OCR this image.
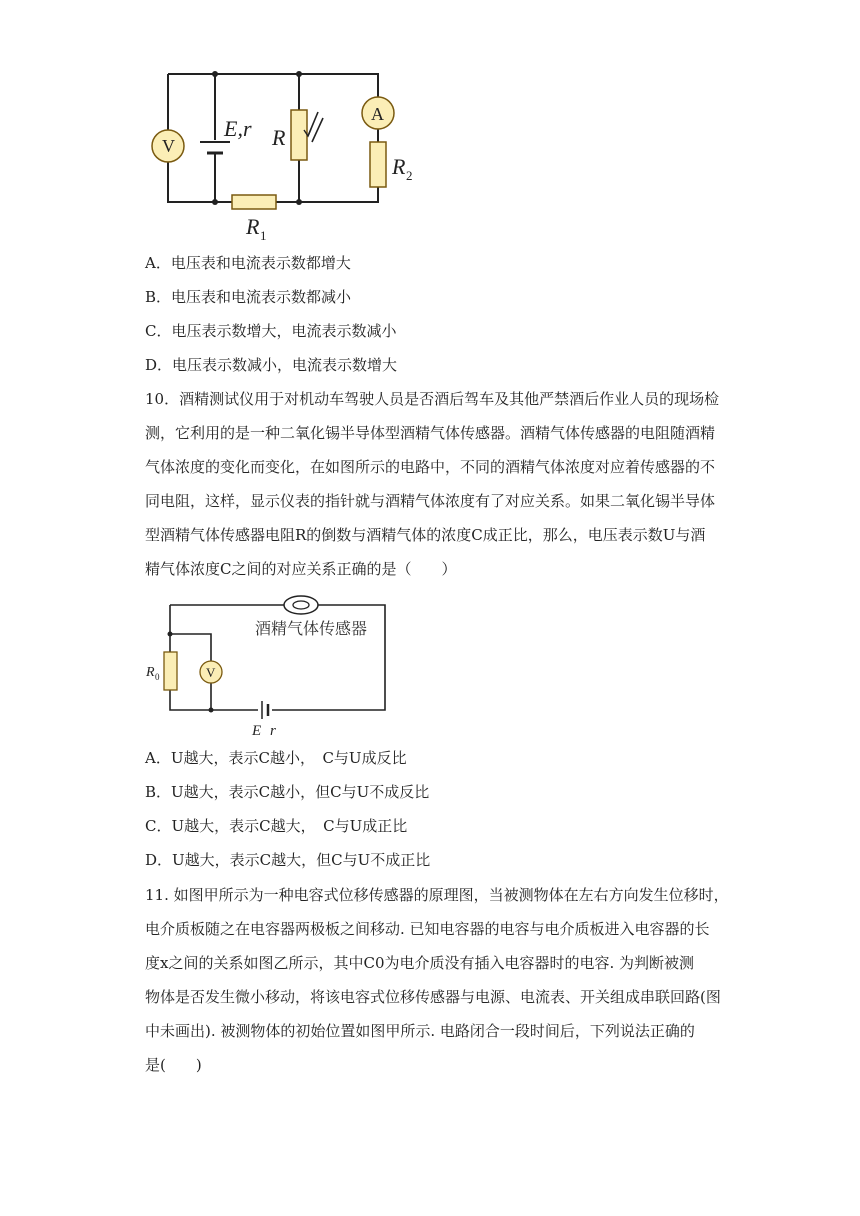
V
A
E,r R
R 2
R 1
A．电压表和电流表示数都增大
B．电压表和电流表示数都减小
C．电压表示数增大，电流表示数减小
D．电压表示数减小，电流表示数增大
10．酒精测试仪用于对机动车驾驶人员是否酒后驾车及其他严禁酒后作业人员的现场检
测，它利用的是一种二氧化锡半导体型酒精气体传感器。酒精气体传感器的电阻随酒精
气体浓度的变化而变化，在如图所示的电路中，不同的酒精气体浓度对应着传感器的不
同电阻，这样，显示仪表的指针就与酒精气体浓度有了对应关系。如果二氧化锡半导体
型酒精气体传感器电阻R的倒数与酒精气体的浓度C成正比，那么，电压表示数U与酒
精气体浓度C之间的对应关系正确的是（　　）
酒精气体传感器
R 0	V
E r
A．U越大，表示C越小，　C与U成反比
B．U越大，表示C越小，但C与U不成反比
C．U越大，表示C越大，　C与U成正比
D．U越大，表示C越大，但C与U不成正比
11. 如图甲所示为一种电容式位移传感器的原理图，当被测物体在左右方向发生位移时，
电介质板随之在电容器两极板之间移动. 已知电容器的电容与电介质板进入电容器的长
度x之间的关系如图乙所示，其中C0为电介质没有插入电容器时的电容. 为判断被测
物体是否发生微小移动，将该电容式位移传感器与电源、电流表、开关组成串联回路(图
中未画出). 被测物体的初始位置如图甲所示. 电路闭合一段时间后，下列说法正确的
是(　　)
